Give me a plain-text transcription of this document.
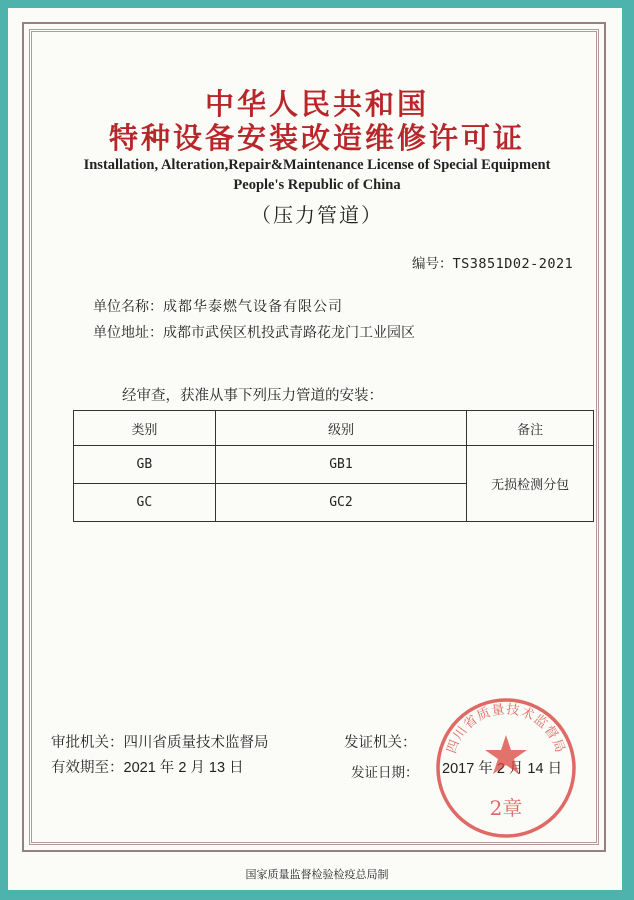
中华人民共和国
特种设备安装改造维修许可证
Installation, Alteration,Repair&Maintenance License of Special Equipment
People's Republic of China
（压力管道）
编号：TS3851D02-2021
单位名称：成都华泰燃气设备有限公司
单位地址：成都市武侯区机投武青路花龙门工业园区
经审查，获准从事下列压力管道的安装：
类别	级别	备注
GB	GB1	无损检测分包
GC	GC2	
审批机关：四川省质量技术监督局
有效期至：2021 年 2 月 13 日
发证机关：
发证日期： 2017 年 2 月 14 日
四川省质量技术监督局
2章
国家质量监督检验检疫总局制
